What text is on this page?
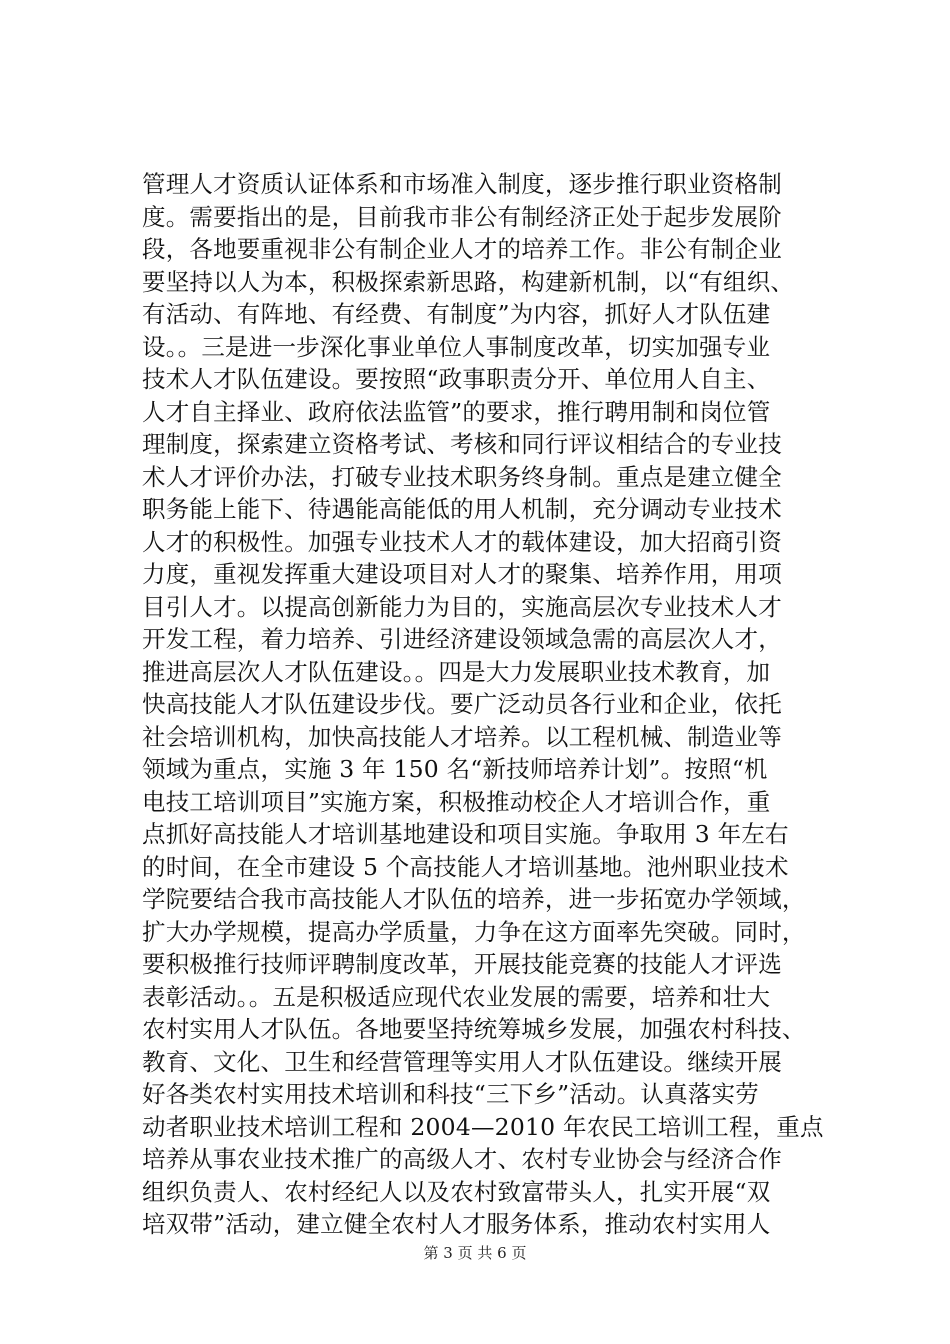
管理人才资质认证体系和市场准入制度，逐步推行职业资格制
度。需要指出的是，目前我市非公有制经济正处于起步发展阶
段，各地要重视非公有制企业人才的培养工作。非公有制企业
要坚持以人为本，积极探索新思路，构建新机制，以“有组织、
有活动、有阵地、有经费、有制度”为内容，抓好人才队伍建
设。。三是进一步深化事业单位人事制度改革，切实加强专业
技术人才队伍建设。要按照“政事职责分开、单位用人自主、
人才自主择业、政府依法监管”的要求，推行聘用制和岗位管
理制度，探索建立资格考试、考核和同行评议相结合的专业技
术人才评价办法，打破专业技术职务终身制。重点是建立健全
职务能上能下、待遇能高能低的用人机制，充分调动专业技术
人才的积极性。加强专业技术人才的载体建设，加大招商引资
力度，重视发挥重大建设项目对人才的聚集、培养作用，用项
目引人才。以提高创新能力为目的，实施高层次专业技术人才
开发工程，着力培养、引进经济建设领域急需的高层次人才，
推进高层次人才队伍建设。。四是大力发展职业技术教育，加
快高技能人才队伍建设步伐。要广泛动员各行业和企业，依托
社会培训机构，加快高技能人才培养。以工程机械、制造业等
领域为重点，实施 3 年 150 名“新技师培养计划”。按照“机
电技工培训项目”实施方案，积极推动校企人才培训合作，重
点抓好高技能人才培训基地建设和项目实施。争取用 3 年左右
的时间，在全市建设 5 个高技能人才培训基地。池州职业技术
学院要结合我市高技能人才队伍的培养，进一步拓宽办学领域，
扩大办学规模，提高办学质量，力争在这方面率先突破。同时，
要积极推行技师评聘制度改革，开展技能竞赛的技能人才评选
表彰活动。。五是积极适应现代农业发展的需要，培养和壮大
农村实用人才队伍。各地要坚持统筹城乡发展，加强农村科技、
教育、文化、卫生和经营管理等实用人才队伍建设。继续开展
好各类农村实用技术培训和科技“三下乡”活动。认真落实劳
动者职业技术培训工程和 2004—2010 年农民工培训工程，重点
培养从事农业技术推广的高级人才、农村专业协会与经济合作
组织负责人、农村经纪人以及农村致富带头人，扎实开展“双
培双带”活动，建立健全农村人才服务体系，推动农村实用人
第 3 页 共 6 页
